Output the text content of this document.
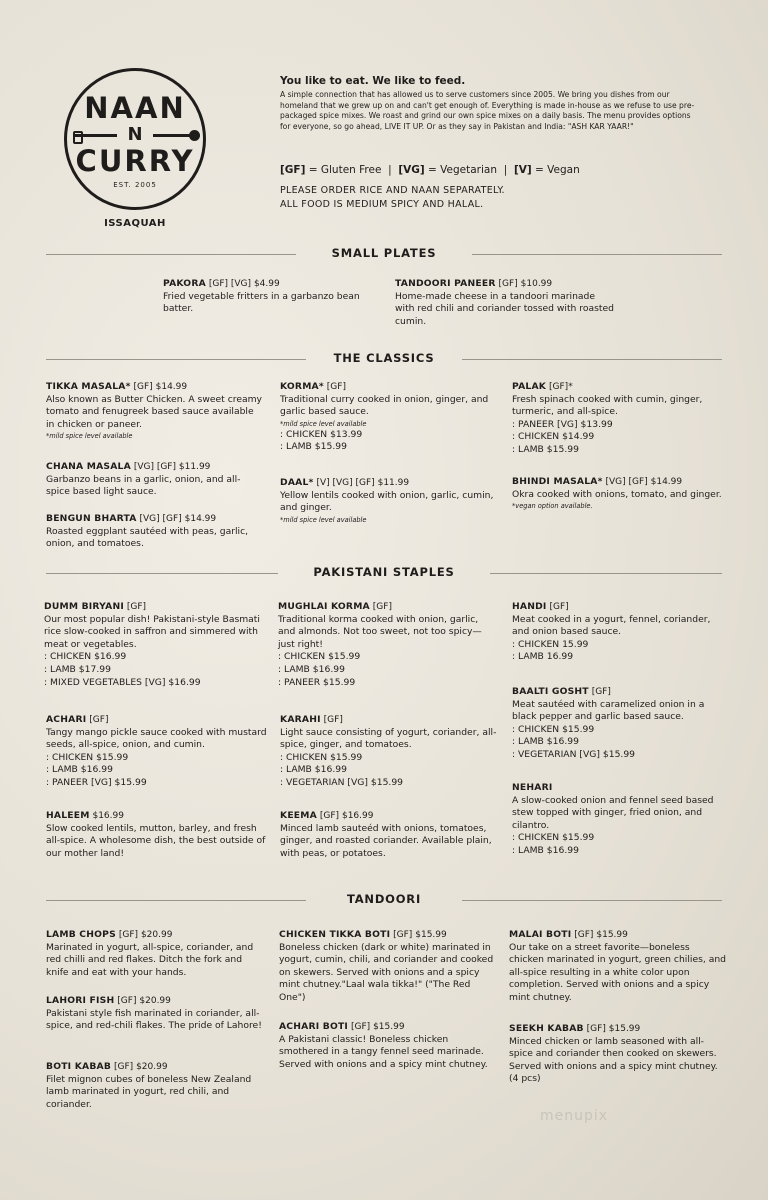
NAAN
N
CURRY
EST. 2005
ISSAQUAH
You like to eat. We like to feed.
A simple connection that has allowed us to serve customers since 2005. We bring you dishes from our homeland that we grew up on and can't get enough of. Everything is made in-house as we refuse to use pre-packaged spice mixes. We roast and grind our own spice mixes on a daily basis. The menu provides options for everyone, so go ahead, LIVE IT UP. Or as they say in Pakistan and India: "ASH KAR YAAR!"
[GF] = Gluten Free | [VG] = Vegetarian | [V] = Vegan
PLEASE ORDER RICE AND NAAN SEPARATELY.
ALL FOOD IS MEDIUM SPICY AND HALAL.
SMALL PLATES
PAKORA [GF] [VG] $4.99
Fried vegetable fritters in a garbanzo bean batter.
TANDOORI PANEER [GF] $10.99
Home-made cheese in a tandoori marinade with red chili and coriander tossed with roasted cumin.
THE CLASSICS
TIKKA MASALA* [GF] $14.99
Also known as Butter Chicken. A sweet creamy tomato and fenugreek based sauce available in chicken or paneer.
*mild spice level available
CHANA MASALA [VG] [GF] $11.99
Garbanzo beans in a garlic, onion, and all-spice based light sauce.
BENGUN BHARTA [VG] [GF] $14.99
Roasted eggplant sautéed with peas, garlic, onion, and tomatoes.
KORMA* [GF]
Traditional curry cooked in onion, ginger, and garlic based sauce.
*mild spice level available
: CHICKEN $13.99
: LAMB $15.99
DAAL* [V] [VG] [GF] $11.99
Yellow lentils cooked with onion, garlic, cumin, and ginger.
*mild spice level available
PALAK [GF]*
Fresh spinach cooked with cumin, ginger, turmeric, and all-spice.
: PANEER [VG] $13.99
: CHICKEN $14.99
: LAMB $15.99
BHINDI MASALA* [VG] [GF] $14.99
Okra cooked with onions, tomato, and ginger.
*vegan option available.
PAKISTANI STAPLES
DUMM BIRYANI [GF]
Our most popular dish! Pakistani-style Basmati rice slow-cooked in saffron and simmered with meat or vegetables.
: CHICKEN $16.99
: LAMB $17.99
: MIXED VEGETABLES [VG] $16.99
ACHARI [GF]
Tangy mango pickle sauce cooked with mustard seeds, all-spice, onion, and cumin.
: CHICKEN $15.99
: LAMB $16.99
: PANEER [VG] $15.99
HALEEM $16.99
Slow cooked lentils, mutton, barley, and fresh all-spice. A wholesome dish, the best outside of our mother land!
MUGHLAI KORMA [GF]
Traditional korma cooked with onion, garlic, and almonds. Not too sweet, not too spicy—just right!
: CHICKEN $15.99
: LAMB $16.99
: PANEER $15.99
KARAHI [GF]
Light sauce consisting of yogurt, coriander, all-spice, ginger, and tomatoes.
: CHICKEN $15.99
: LAMB $16.99
: VEGETARIAN [VG] $15.99
KEEMA [GF] $16.99
Minced lamb sauteéd with onions, tomatoes, ginger, and roasted coriander. Available plain, with peas, or potatoes.
HANDI [GF]
Meat cooked in a yogurt, fennel, coriander, and onion based sauce.
: CHICKEN 15.99
: LAMB 16.99
BAALTI GOSHT [GF]
Meat sautéed with caramelized onion in a black pepper and garlic based sauce.
: CHICKEN $15.99
: LAMB $16.99
: VEGETARIAN [VG] $15.99
NEHARI
A slow-cooked onion and fennel seed based stew topped with ginger, fried onion, and cilantro.
: CHICKEN $15.99
: LAMB $16.99
TANDOORI
LAMB CHOPS [GF] $20.99
Marinated in yogurt, all-spice, coriander, and red chilli and red flakes. Ditch the fork and knife and eat with your hands.
LAHORI FISH [GF] $20.99
Pakistani style fish marinated in coriander, all-spice, and red-chili flakes. The pride of Lahore!
BOTI KABAB [GF] $20.99
Filet mignon cubes of boneless New Zealand lamb marinated in yogurt, red chili, and coriander.
CHICKEN TIKKA BOTI [GF] $15.99
Boneless chicken (dark or white) marinated in yogurt, cumin, chili, and coriander and cooked on skewers. Served with onions and a spicy mint chutney."Laal wala tikka!" ("The Red One")
ACHARI BOTI [GF] $15.99
A Pakistani classic! Boneless chicken smothered in a tangy fennel seed marinade. Served with onions and a spicy mint chutney.
MALAI BOTI [GF] $15.99
Our take on a street favorite—boneless chicken marinated in yogurt, green chilies, and all-spice resulting in a white color upon completion. Served with onions and a spicy mint chutney.
SEEKH KABAB [GF] $15.99
Minced chicken or lamb seasoned with all-spice and coriander then cooked on skewers. Served with onions and a spicy mint chutney. (4 pcs)
menupix
